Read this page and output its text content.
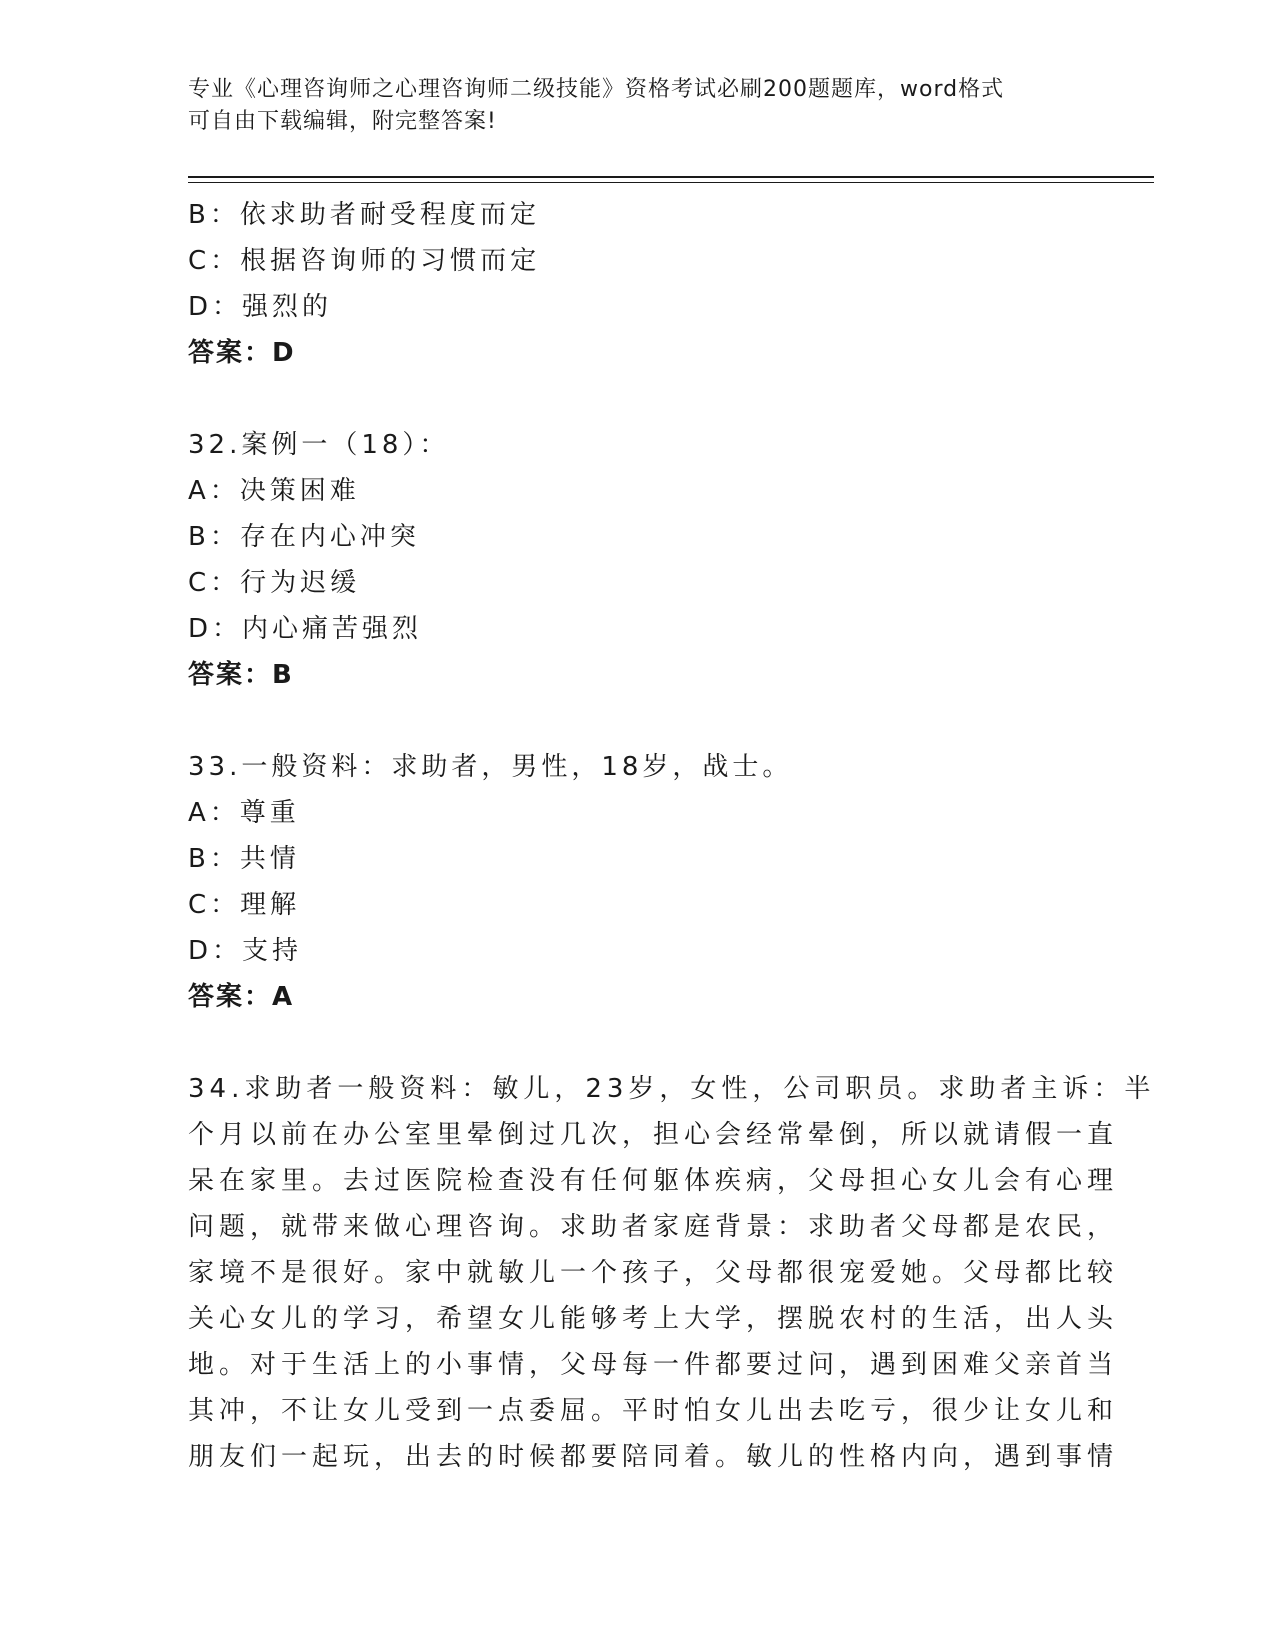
专业《心理咨询师之心理咨询师二级技能》资格考试必刷200题题库，word格式
可自由下载编辑，附完整答案!
B：依求助者耐受程度而定
C：根据咨询师的习惯而定
D：强烈的
答案：D
32.案例一（18）：
A：决策困难
B：存在内心冲突
C：行为迟缓
D：内心痛苦强烈
答案：B
33.一般资料：求助者，男性，18岁，战士。
A：尊重
B：共情
C：理解
D：支持
答案：A
34.求助者一般资料：敏儿，23岁，女性，公司职员。求助者主诉：半
个月以前在办公室里晕倒过几次，担心会经常晕倒，所以就请假一直
呆在家里。去过医院检查没有任何躯体疾病，父母担心女儿会有心理
问题，就带来做心理咨询。求助者家庭背景：求助者父母都是农民，
家境不是很好。家中就敏儿一个孩子，父母都很宠爱她。父母都比较
关心女儿的学习，希望女儿能够考上大学，摆脱农村的生活，出人头
地。对于生活上的小事情，父母每一件都要过问，遇到困难父亲首当
其冲，不让女儿受到一点委屈。平时怕女儿出去吃亏，很少让女儿和
朋友们一起玩，出去的时候都要陪同着。敏儿的性格内向，遇到事情
